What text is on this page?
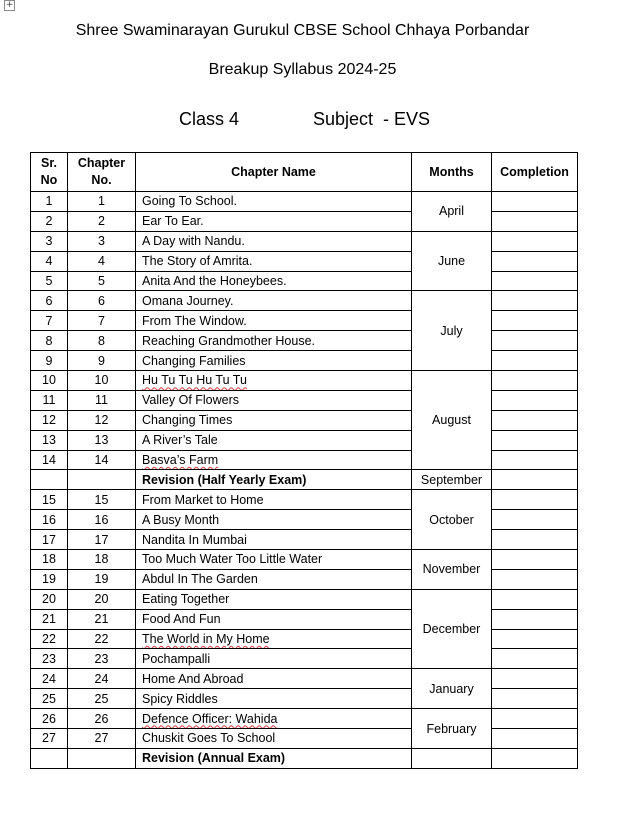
+
Shree Swaminarayan Gurukul CBSE School Chhaya Porbandar
Breakup Syllabus 2024-25
Class 4	Subject  - EVS
Sr. No	Chapter No.	Chapter Name	Months	Completion
1	1	Going To School.	April	
2	2	Ear To Ear.		
3	3	A Day with Nandu.	June	
4	4	The Story of Amrita.		
5	5	Anita And the Honeybees.		
6	6	Omana Journey.	July	
7	7	From The Window.		
8	8	Reaching Grandmother House.		
9	9	Changing Families		
10	10	Hu Tu Tu Hu Tu Tu	August	
11	11	Valley Of Flowers		
12	12	Changing Times		
13	13	A River’s Tale		
14	14	Basva’s Farm		
		Revision (Half Yearly Exam)	September	
15	15	From Market to Home	October	
16	16	A Busy Month		
17	17	Nandita In Mumbai		
18	18	Too Much Water Too Little Water	November	
19	19	Abdul In The Garden		
20	20	Eating Together	December	
21	21	Food And Fun		
22	22	The World in My Home		
23	23	Pochampalli		
24	24	Home And Abroad	January	
25	25	Spicy Riddles		
26	26	Defence Officer: Wahida	February	
27	27	Chuskit Goes To School		
		Revision (Annual Exam)		
